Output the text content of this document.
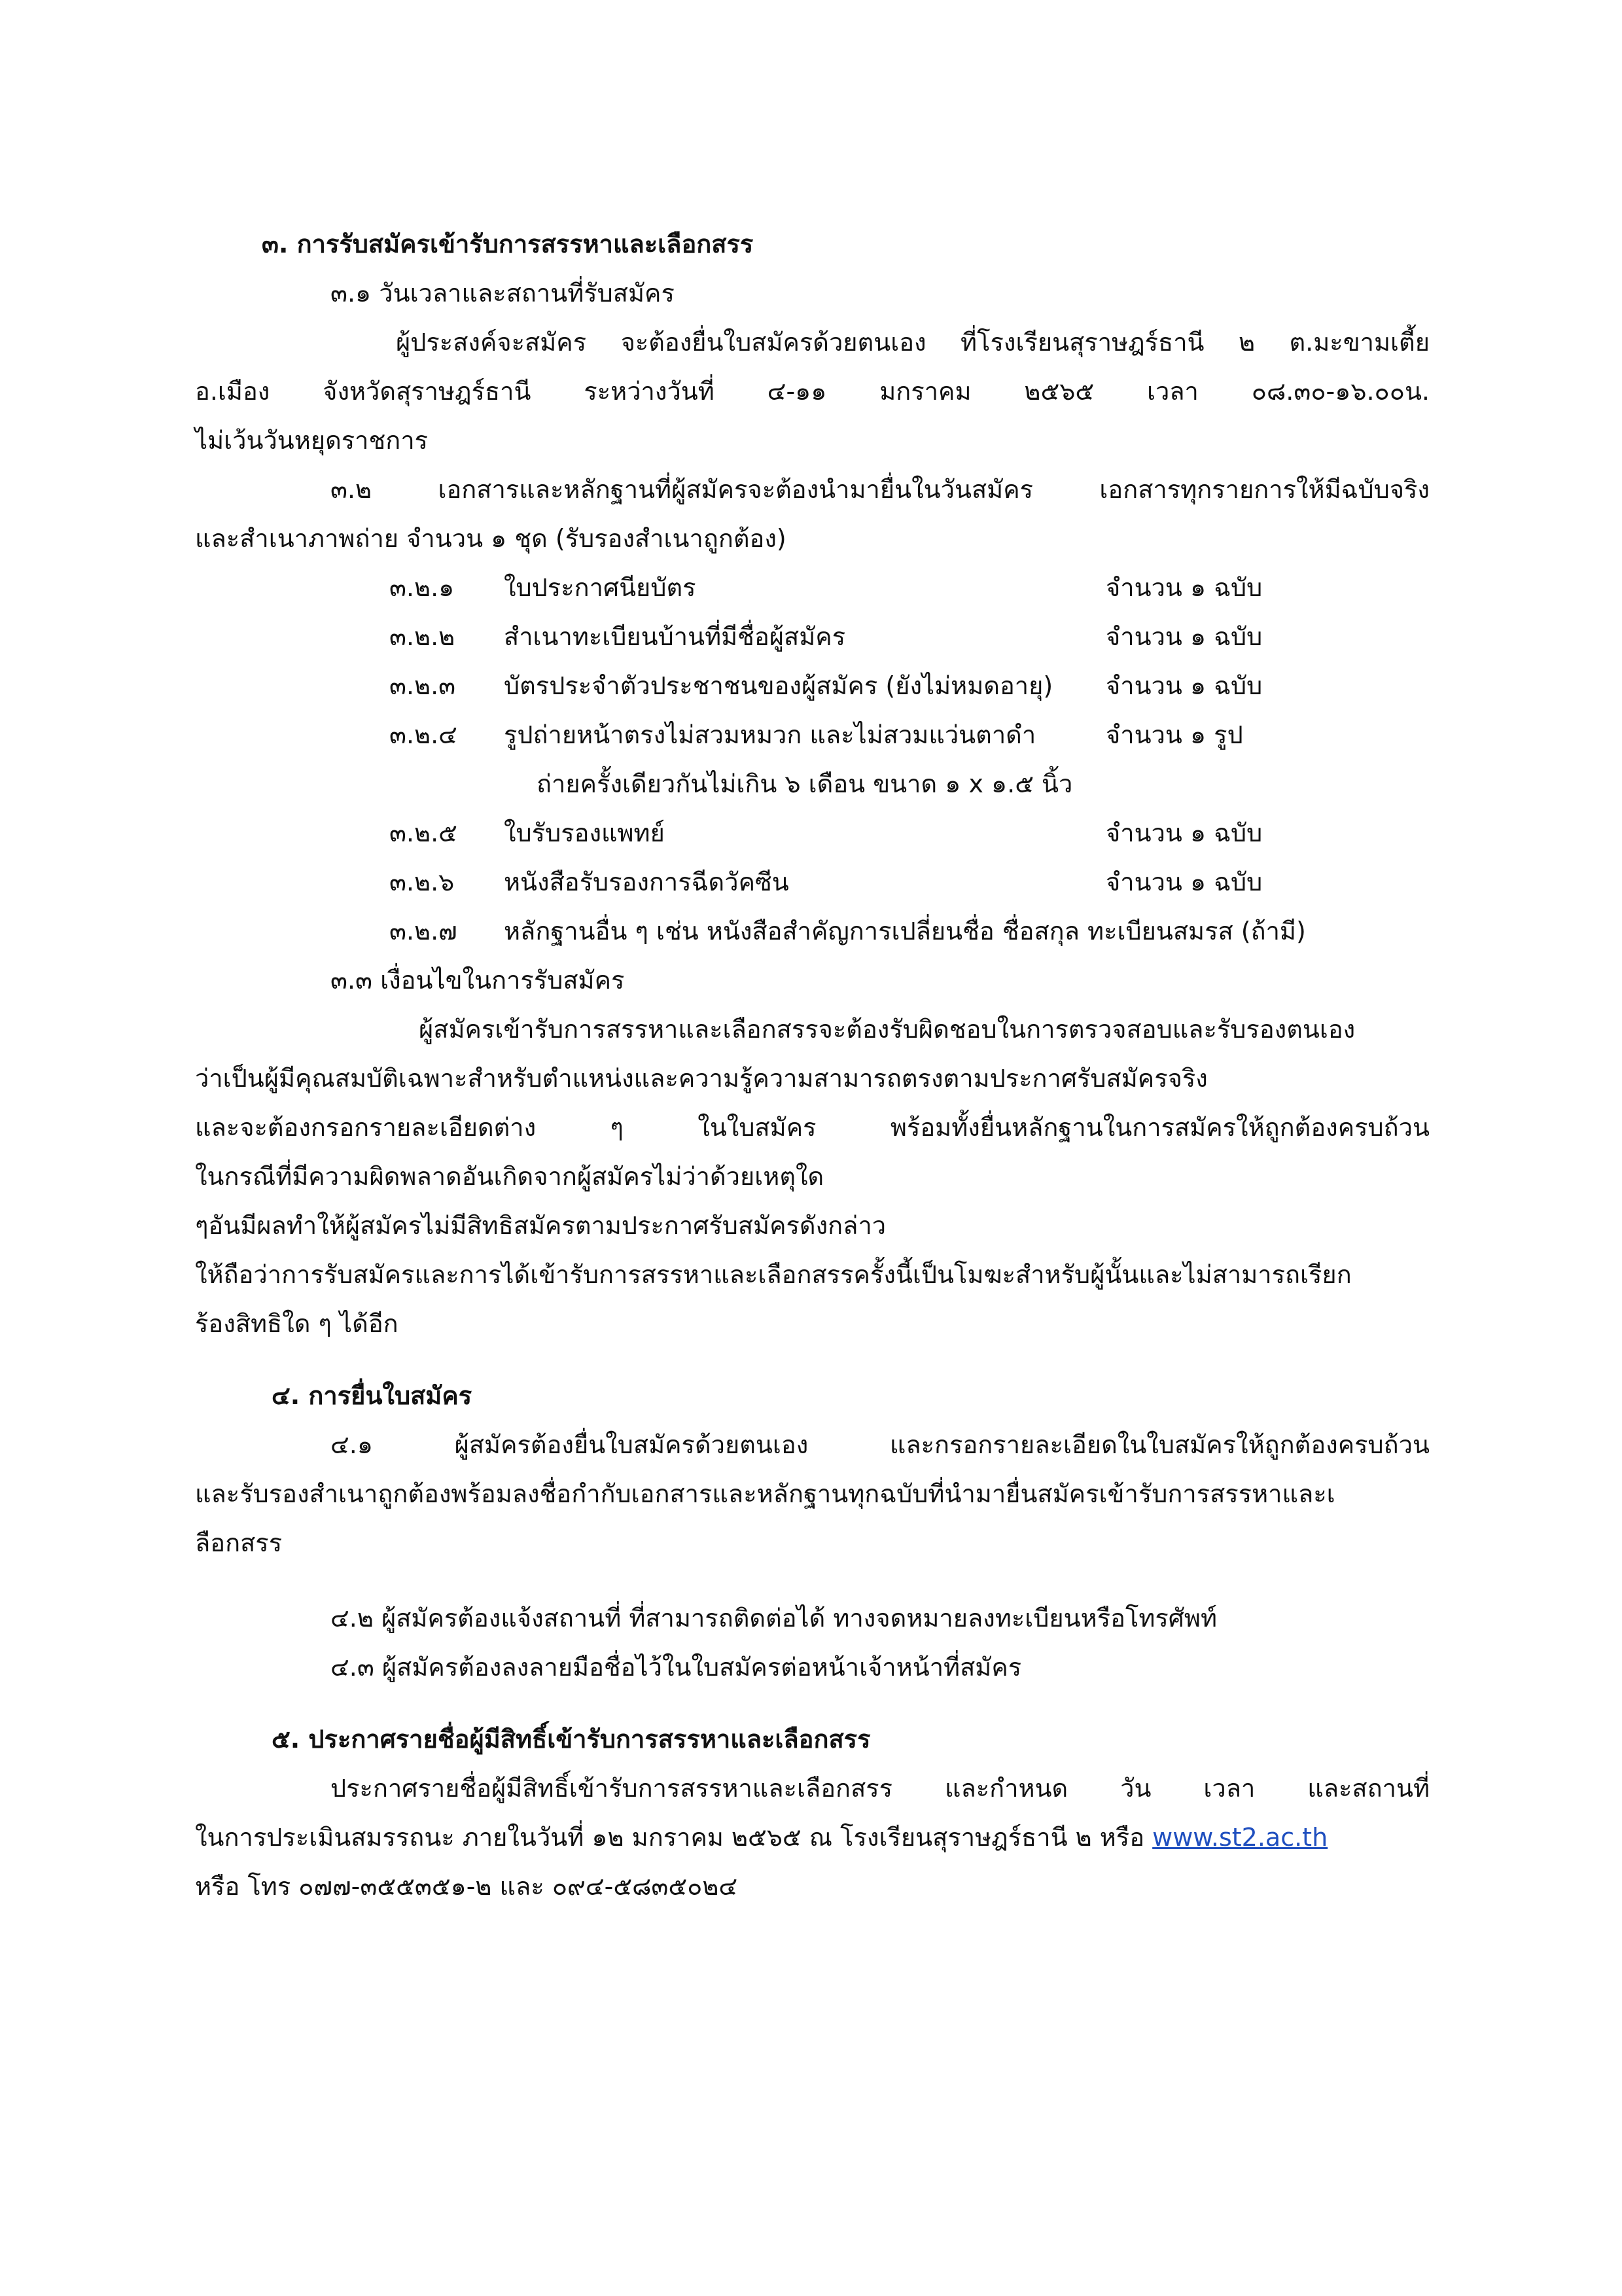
๓. การรับสมัครเข้ารับการสรรหาและเลือกสรร

๓.๑ วันเวลาและสถานที่รับสมัคร

ผู้ประสงค์จะสมัคร จะต้องยื่นใบสมัครด้วยตนเอง ที่โรงเรียนสุราษฎร์ธานี ๒ ต.มะขามเตี้ย

อ.เมือง จังหวัดสุราษฎร์ธานี ระหว่างวันที่ ๔-๑๑ มกราคม ๒๕๖๕ เวลา ๐๘.๓๐-๑๖.๐๐น.

ไม่เว้นวันหยุดราชการ

๓.๒ เอกสารและหลักฐานที่ผู้สมัครจะต้องนำมายื่นในวันสมัคร เอกสารทุกรายการให้มีฉบับจริง

และสำเนาภาพถ่าย จำนวน ๑ ชุด (รับรองสำเนาถูกต้อง)

๓.๒.๑ ใบประกาศนียบัตร	จำนวน ๑ ฉบับ

๓.๒.๒ สำเนาทะเบียนบ้านที่มีชื่อผู้สมัคร	จำนวน ๑ ฉบับ

๓.๒.๓ บัตรประจำตัวประชาชนของผู้สมัคร (ยังไม่หมดอายุ) จำนวน ๑ ฉบับ

๓.๒.๔ รูปถ่ายหน้าตรงไม่สวมหมวก และไม่สวมแว่นตาดำ	จำนวน ๑ รูป

ถ่ายครั้งเดียวกันไม่เกิน ๖ เดือน ขนาด ๑ x ๑.๕ นิ้ว

๓.๒.๕ ใบรับรองแพทย์	จำนวน ๑ ฉบับ

๓.๒.๖ หนังสือรับรองการฉีดวัคซีน	จำนวน ๑ ฉบับ

๓.๒.๗ หลักฐานอื่น ๆ เช่น หนังสือสำคัญการเปลี่ยนชื่อ ชื่อสกุล ทะเบียนสมรส (ถ้ามี)

๓.๓ เงื่อนไขในการรับสมัคร

ผู้สมัครเข้ารับการสรรหาและเลือกสรรจะต้องรับผิดชอบในการตรวจสอบและรับรองตนเอง

ว่าเป็นผู้มีคุณสมบัติเฉพาะสำหรับตำแหน่งและความรู้ความสามารถตรงตามประกาศรับสมัครจริง

และจะต้องกรอกรายละเอียดต่าง ๆ ในใบสมัคร พร้อมทั้งยื่นหลักฐานในการสมัครให้ถูกต้องครบถ้วน

ในกรณีที่มีความผิดพลาดอันเกิดจากผู้สมัครไม่ว่าด้วยเหตุใด

ๆอันมีผลทำให้ผู้สมัครไม่มีสิทธิสมัครตามประกาศรับสมัครดังกล่าว

ให้ถือว่าการรับสมัครและการได้เข้ารับการสรรหาและเลือกสรรครั้งนี้เป็นโมฆะสำหรับผู้นั้นและไม่สามารถเรียก

ร้องสิทธิใด ๆ ได้อีก

๔. การยื่นใบสมัคร

๔.๑ ผู้สมัครต้องยื่นใบสมัครด้วยตนเอง และกรอกรายละเอียดในใบสมัครให้ถูกต้องครบถ้วน

และรับรองสำเนาถูกต้องพร้อมลงชื่อกำกับเอกสารและหลักฐานทุกฉบับที่นำมายื่นสมัครเข้ารับการสรรหาและเ

ลือกสรร

๔.๒ ผู้สมัครต้องแจ้งสถานที่ ที่สามารถติดต่อได้ ทางจดหมายลงทะเบียนหรือโทรศัพท์

๔.๓ ผู้สมัครต้องลงลายมือชื่อไว้ในใบสมัครต่อหน้าเจ้าหน้าที่สมัคร

๕. ประกาศรายชื่อผู้มีสิทธิ์เข้ารับการสรรหาและเลือกสรร

ประกาศรายชื่อผู้มีสิทธิ์เข้ารับการสรรหาและเลือกสรร และกำหนด วัน เวลา และสถานที่

ในการประเมินสมรรถนะ ภายในวันที่ ๑๒ มกราคม ๒๕๖๕ ณ โรงเรียนสุราษฎร์ธานี ๒ หรือ www.st2.ac.th

หรือ โทร ๐๗๗-๓๕๕๓๕๑-๒ และ ๐๙๔-๕๘๓๕๐๒๔
